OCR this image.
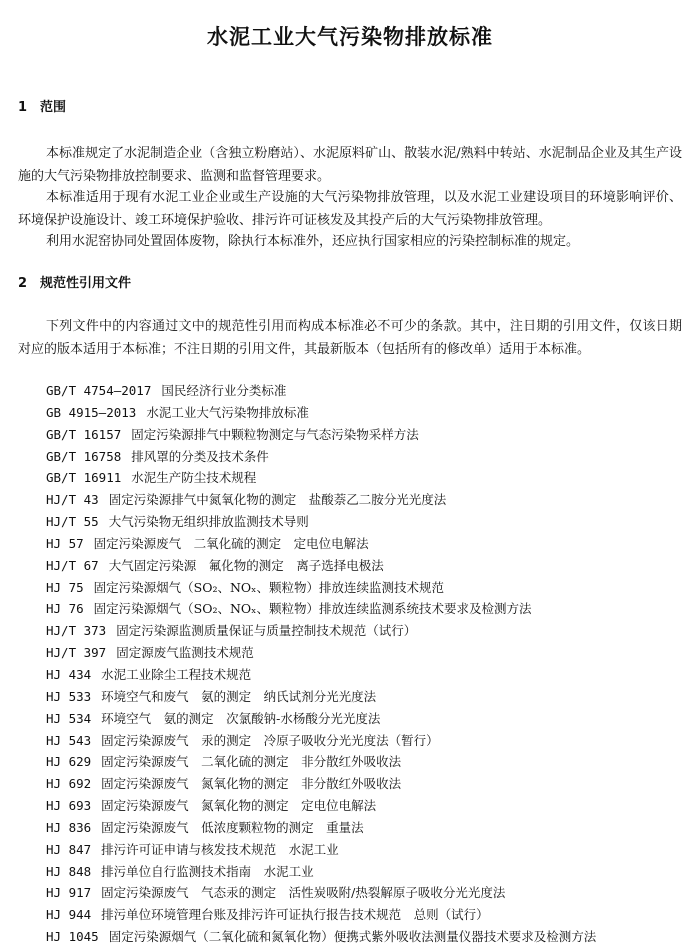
水泥工业大气污染物排放标准
1 范围
本标准规定了水泥制造企业（含独立粉磨站）、水泥原料矿山、散装水泥/熟料中转站、水泥制品企业及其生产设施的大气污染物排放控制要求、监测和监督管理要求。
本标准适用于现有水泥工业企业或生产设施的大气污染物排放管理，以及水泥工业建设项目的环境影响评价、环境保护设施设计、竣工环境保护验收、排污许可证核发及其投产后的大气污染物排放管理。
利用水泥窑协同处置固体废物，除执行本标准外，还应执行国家相应的污染控制标准的规定。
2 规范性引用文件
下列文件中的内容通过文中的规范性引用而构成本标准必不可少的条款。其中，注日期的引用文件，仅该日期对应的版本适用于本标准；不注日期的引用文件，其最新版本（包括所有的修改单）适用于本标准。
GB/T 4754—2017 国民经济行业分类标准
GB 4915—2013 水泥工业大气污染物排放标准
GB/T 16157 固定污染源排气中颗粒物测定与气态污染物采样方法
GB/T 16758 排风罩的分类及技术条件
GB/T 16911 水泥生产防尘技术规程
HJ/T 43 固定污染源排气中氮氧化物的测定　盐酸萘乙二胺分光光度法
HJ/T 55 大气污染物无组织排放监测技术导则
HJ 57 固定污染源废气　二氧化硫的测定　定电位电解法
HJ/T 67 大气固定污染源　氟化物的测定　离子选择电极法
HJ 75 固定污染源烟气（SO₂、NOₓ、颗粒物）排放连续监测技术规范
HJ 76 固定污染源烟气（SO₂、NOₓ、颗粒物）排放连续监测系统技术要求及检测方法
HJ/T 373 固定污染源监测质量保证与质量控制技术规范（试行）
HJ/T 397 固定源废气监测技术规范
HJ 434 水泥工业除尘工程技术规范
HJ 533 环境空气和废气　氨的测定　纳氏试剂分光光度法
HJ 534 环境空气　氨的测定　次氯酸钠-水杨酸分光光度法
HJ 543 固定污染源废气　汞的测定　冷原子吸收分光光度法（暂行）
HJ 629 固定污染源废气　二氧化硫的测定　非分散红外吸收法
HJ 692 固定污染源废气　氮氧化物的测定　非分散红外吸收法
HJ 693 固定污染源废气　氮氧化物的测定　定电位电解法
HJ 836 固定污染源废气　低浓度颗粒物的测定　重量法
HJ 847 排污许可证申请与核发技术规范　水泥工业
HJ 848 排污单位自行监测技术指南　水泥工业
HJ 917 固定污染源废气　气态汞的测定　活性炭吸附/热裂解原子吸收分光光度法
HJ 944 排污单位环境管理台账及排污许可证执行报告技术规范　总则（试行）
HJ 1045 固定污染源烟气（二氧化硫和氮氧化物）便携式紫外吸收法测量仪器技术要求及检测方法
